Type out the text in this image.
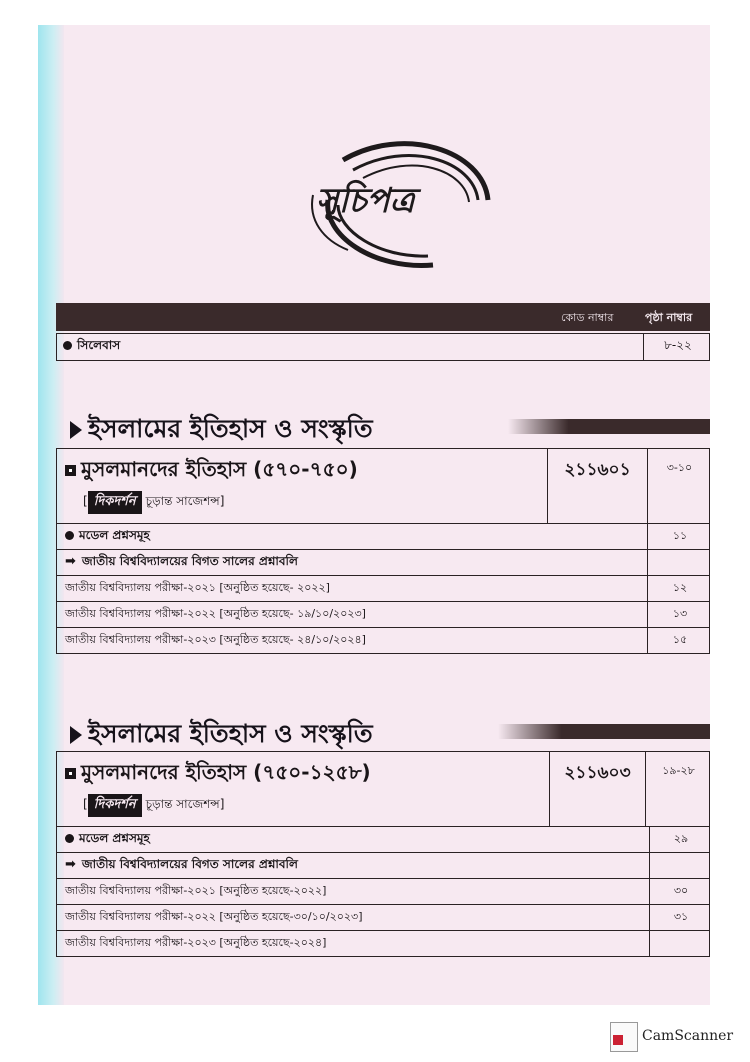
সূচিপত্র
কোড নাম্বার	পৃষ্ঠা নাম্বার
সিলেবাস	৮-২২
ইসলামের ইতিহাস ও সংস্কৃতি
মুসলমানদের ইতিহাস (৫৭০-৭৫০)
[ দিকদর্শন চূড়ান্ত সাজেশন্স]
২১১৬০১	৩-১০
মডেল প্রশ্নসমূহ	১১
➡ জাতীয় বিশ্ববিদ্যালয়ের বিগত সালের প্রশ্নাবলি
জাতীয় বিশ্ববিদ্যালয় পরীক্ষা-২০২১ [অনুষ্ঠিত হয়েছে- ২০২২]	১২
জাতীয় বিশ্ববিদ্যালয় পরীক্ষা-২০২২ [অনুষ্ঠিত হয়েছে- ১৯/১০/২০২৩]	১৩
জাতীয় বিশ্ববিদ্যালয় পরীক্ষা-২০২৩ [অনুষ্ঠিত হয়েছে- ২৪/১০/২০২৪]	১৫
ইসলামের ইতিহাস ও সংস্কৃতি
মুসলমানদের ইতিহাস (৭৫০-১২৫৮)
[ দিকদর্শন চূড়ান্ত সাজেশন্স]
২১১৬০৩	১৯-২৮
মডেল প্রশ্নসমূহ	২৯
➡ জাতীয় বিশ্ববিদ্যালয়ের বিগত সালের প্রশ্নাবলি
জাতীয় বিশ্ববিদ্যালয় পরীক্ষা-২০২১ [অনুষ্ঠিত হয়েছে-২০২২]	৩০
জাতীয় বিশ্ববিদ্যালয় পরীক্ষা-২০২২ [অনুষ্ঠিত হয়েছে-৩০/১০/২০২৩]	৩১
জাতীয় বিশ্ববিদ্যালয় পরীক্ষা-২০২৩ [অনুষ্ঠিত হয়েছে-২০২৪]
CamScanner
